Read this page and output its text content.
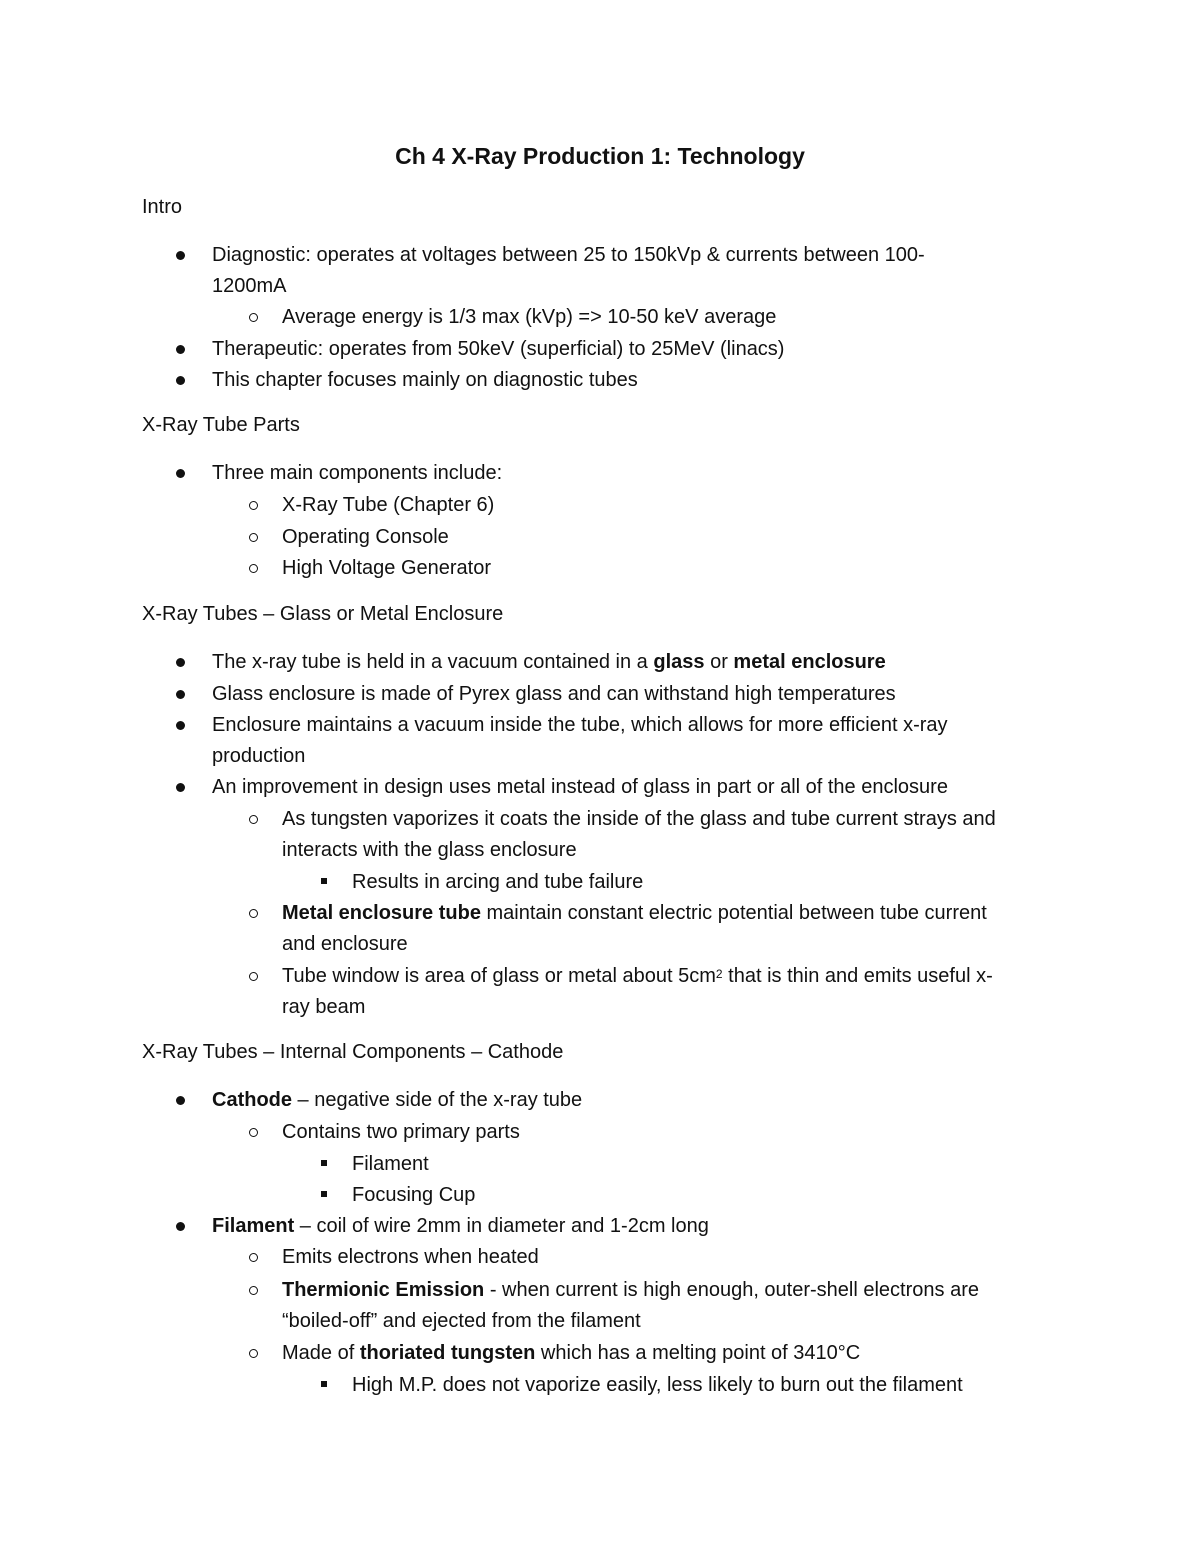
Ch 4 X-Ray Production 1: Technology
Intro
Diagnostic: operates at voltages between 25 to 150kVp & currents between 100-
1200mA
Average energy is 1/3 max (kVp) => 10-50 keV average
Therapeutic: operates from 50keV (superficial) to 25MeV (linacs)
This chapter focuses mainly on diagnostic tubes
X-Ray Tube Parts
Three main components include:
X-Ray Tube (Chapter 6)
Operating Console
High Voltage Generator
X-Ray Tubes – Glass or Metal Enclosure
The x-ray tube is held in a vacuum contained in a glass or metal enclosure
Glass enclosure is made of Pyrex glass and can withstand high temperatures
Enclosure maintains a vacuum inside the tube, which allows for more efficient x-ray
production
An improvement in design uses metal instead of glass in part or all of the enclosure
As tungsten vaporizes it coats the inside of the glass and tube current strays and
interacts with the glass enclosure
Results in arcing and tube failure
Metal enclosure tube maintain constant electric potential between tube current
and enclosure
Tube window is area of glass or metal about $5cm^2$ that is thin and emits useful x-
ray beam
X-Ray Tubes – Internal Components – Cathode
Cathode – negative side of the x-ray tube
Contains two primary parts
Filament
Focusing Cup
Filament – coil of wire 2mm in diameter and 1-2cm long
Emits electrons when heated
Thermionic Emission - when current is high enough, outer-shell electrons are
“boiled-off” and ejected from the filament
Made of thoriated tungsten which has a melting point of 3410°C
High M.P. does not vaporize easily, less likely to burn out the filament
